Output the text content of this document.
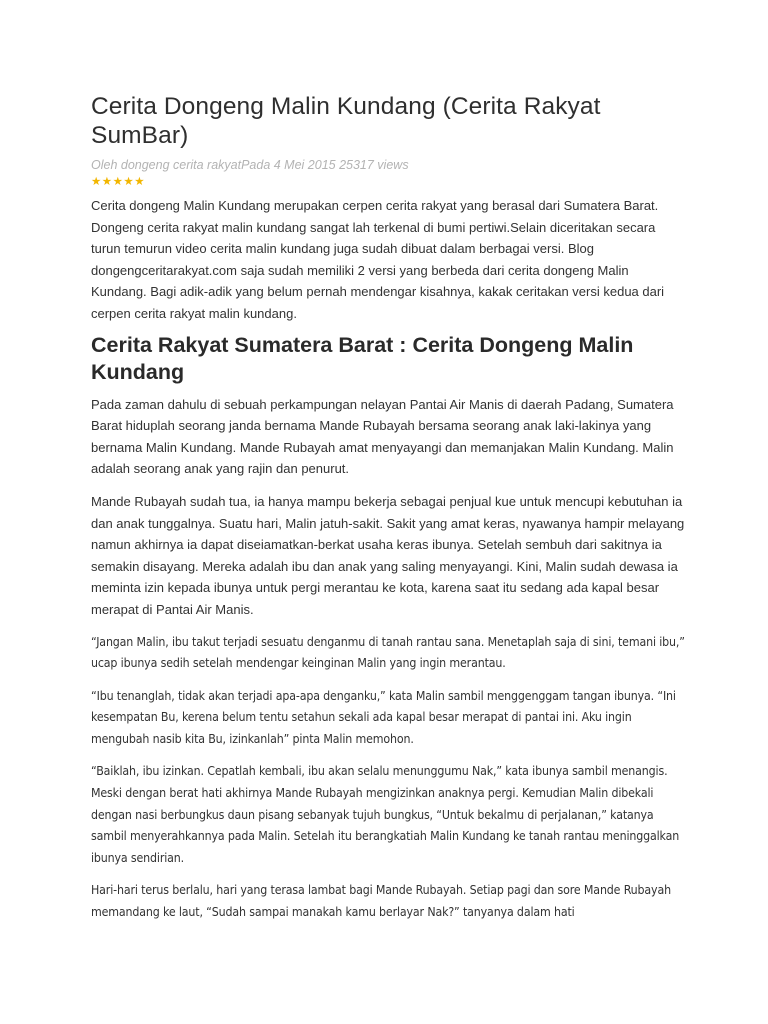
Cerita Dongeng Malin Kundang (Cerita Rakyat SumBar)
Oleh dongeng cerita rakyatPada 4 Mei 2015 25317 views
★★★★★

Cerita dongeng Malin Kundang merupakan cerpen cerita rakyat yang berasal dari Sumatera Barat. Dongeng cerita rakyat malin kundang sangat lah terkenal di bumi pertiwi.Selain diceritakan secara turun temurun video cerita malin kundang juga sudah dibuat dalam berbagai versi. Blog dongengceritarakyat.com saja sudah memiliki 2 versi yang berbeda dari cerita dongeng Malin Kundang. Bagi adik-adik yang belum pernah mendengar kisahnya, kakak ceritakan versi kedua dari cerpen cerita rakyat malin kundang.

Cerita Rakyat Sumatera Barat : Cerita Dongeng Malin Kundang

Pada zaman dahulu di sebuah perkampungan nelayan Pantai Air Manis di daerah Padang, Sumatera Barat hiduplah seorang janda bernama Mande Rubayah bersama seorang anak laki-lakinya yang bernama Malin Kundang. Mande Rubayah amat menyayangi dan memanjakan Malin Kundang. Malin adalah seorang anak yang rajin dan penurut.

Mande Rubayah sudah tua, ia hanya mampu bekerja sebagai penjual kue untuk mencupi kebutuhan ia dan anak tunggalnya. Suatu hari, Malin jatuh-sakit. Sakit yang amat keras, nyawanya hampir melayang namun akhirnya ia dapat diseiamatkan-berkat usaha keras ibunya. Setelah sembuh dari sakitnya ia semakin disayang. Mereka adalah ibu dan anak yang saling menyayangi. Kini, Malin sudah dewasa ia meminta izin kepada ibunya untuk pergi merantau ke kota, karena saat itu sedang ada kapal besar merapat di Pantai Air Manis.

“Jangan Malin, ibu takut terjadi sesuatu denganmu di tanah rantau sana. Menetaplah saja di sini, temani ibu,” ucap ibunya sedih setelah mendengar keinginan Malin yang ingin merantau.

“Ibu tenanglah, tidak akan terjadi apa-apa denganku,” kata Malin sambil menggenggam tangan ibunya. “Ini kesempatan Bu, kerena belum tentu setahun sekali ada kapal besar merapat di pantai ini. Aku ingin mengubah nasib kita Bu, izinkanlah” pinta Malin memohon.

“Baiklah, ibu izinkan. Cepatlah kembali, ibu akan selalu menunggumu Nak,” kata ibunya sambil menangis. Meski dengan berat hati akhirnya Mande Rubayah mengizinkan anaknya pergi. Kemudian Malin dibekali dengan nasi berbungkus daun pisang sebanyak tujuh bungkus, “Untuk bekalmu di perjalanan,” katanya sambil menyerahkannya pada Malin. Setelah itu berangkatiah Malin Kundang ke tanah rantau meninggalkan ibunya sendirian.

Hari-hari terus berlalu, hari yang terasa lambat bagi Mande Rubayah. Setiap pagi dan sore Mande Rubayah memandang ke laut, “Sudah sampai manakah kamu berlayar Nak?” tanyanya dalam hati
